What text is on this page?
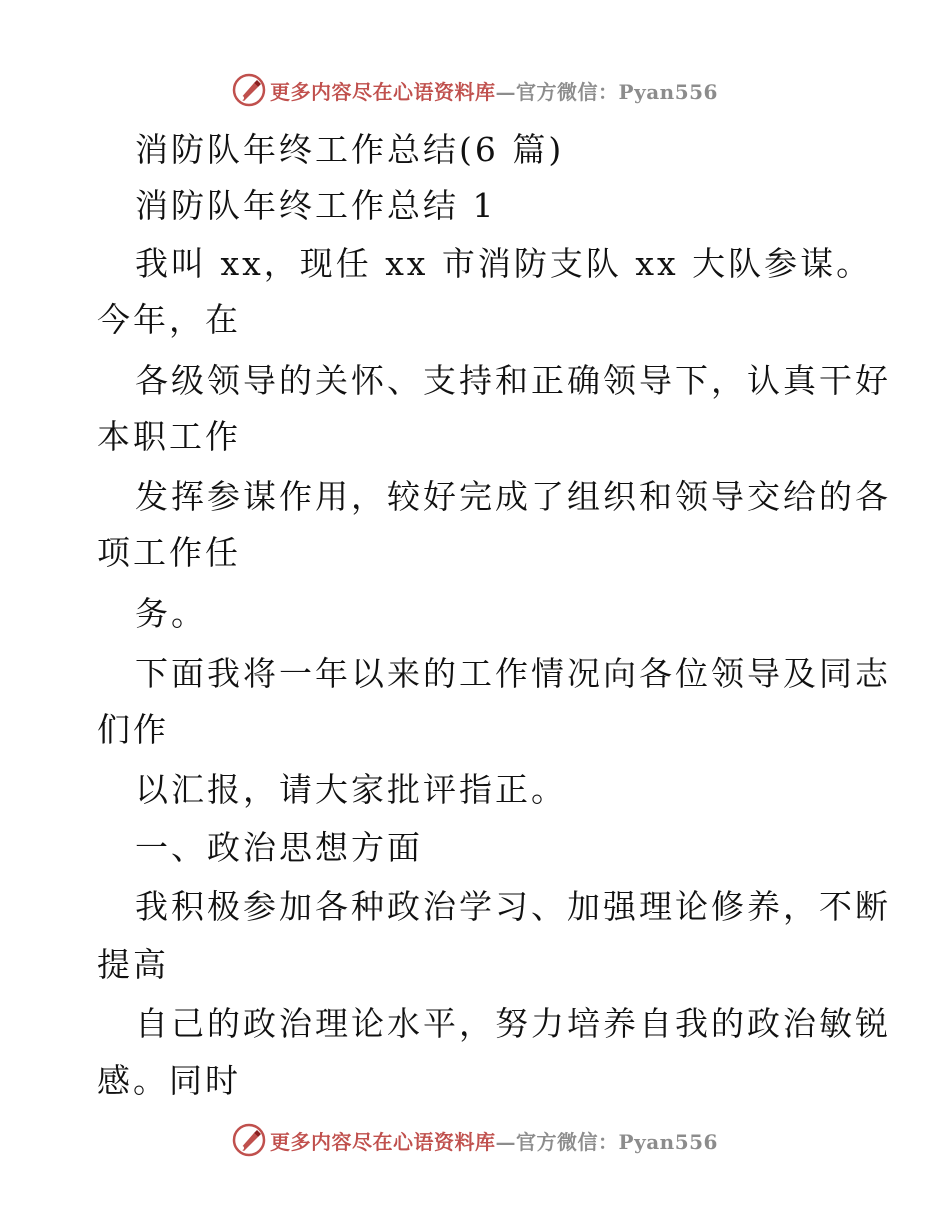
更多内容尽在心语资料库—官方微信：Pyan556
消防队年终工作总结(6 篇)
消防队年终工作总结 1
我叫 xx，现任 xx 市消防支队 xx 大队参谋。
今年，在
各级领导的关怀、支持和正确领导下，认真干好
本职工作
发挥参谋作用，较好完成了组织和领导交给的各
项工作任
务。
下面我将一年以来的工作情况向各位领导及同志
们作
以汇报，请大家批评指正。
一、政治思想方面
我积极参加各种政治学习、加强理论修养，不断
提高
自己的政治理论水平，努力培养自我的政治敏锐
感。同时
更多内容尽在心语资料库—官方微信：Pyan556
